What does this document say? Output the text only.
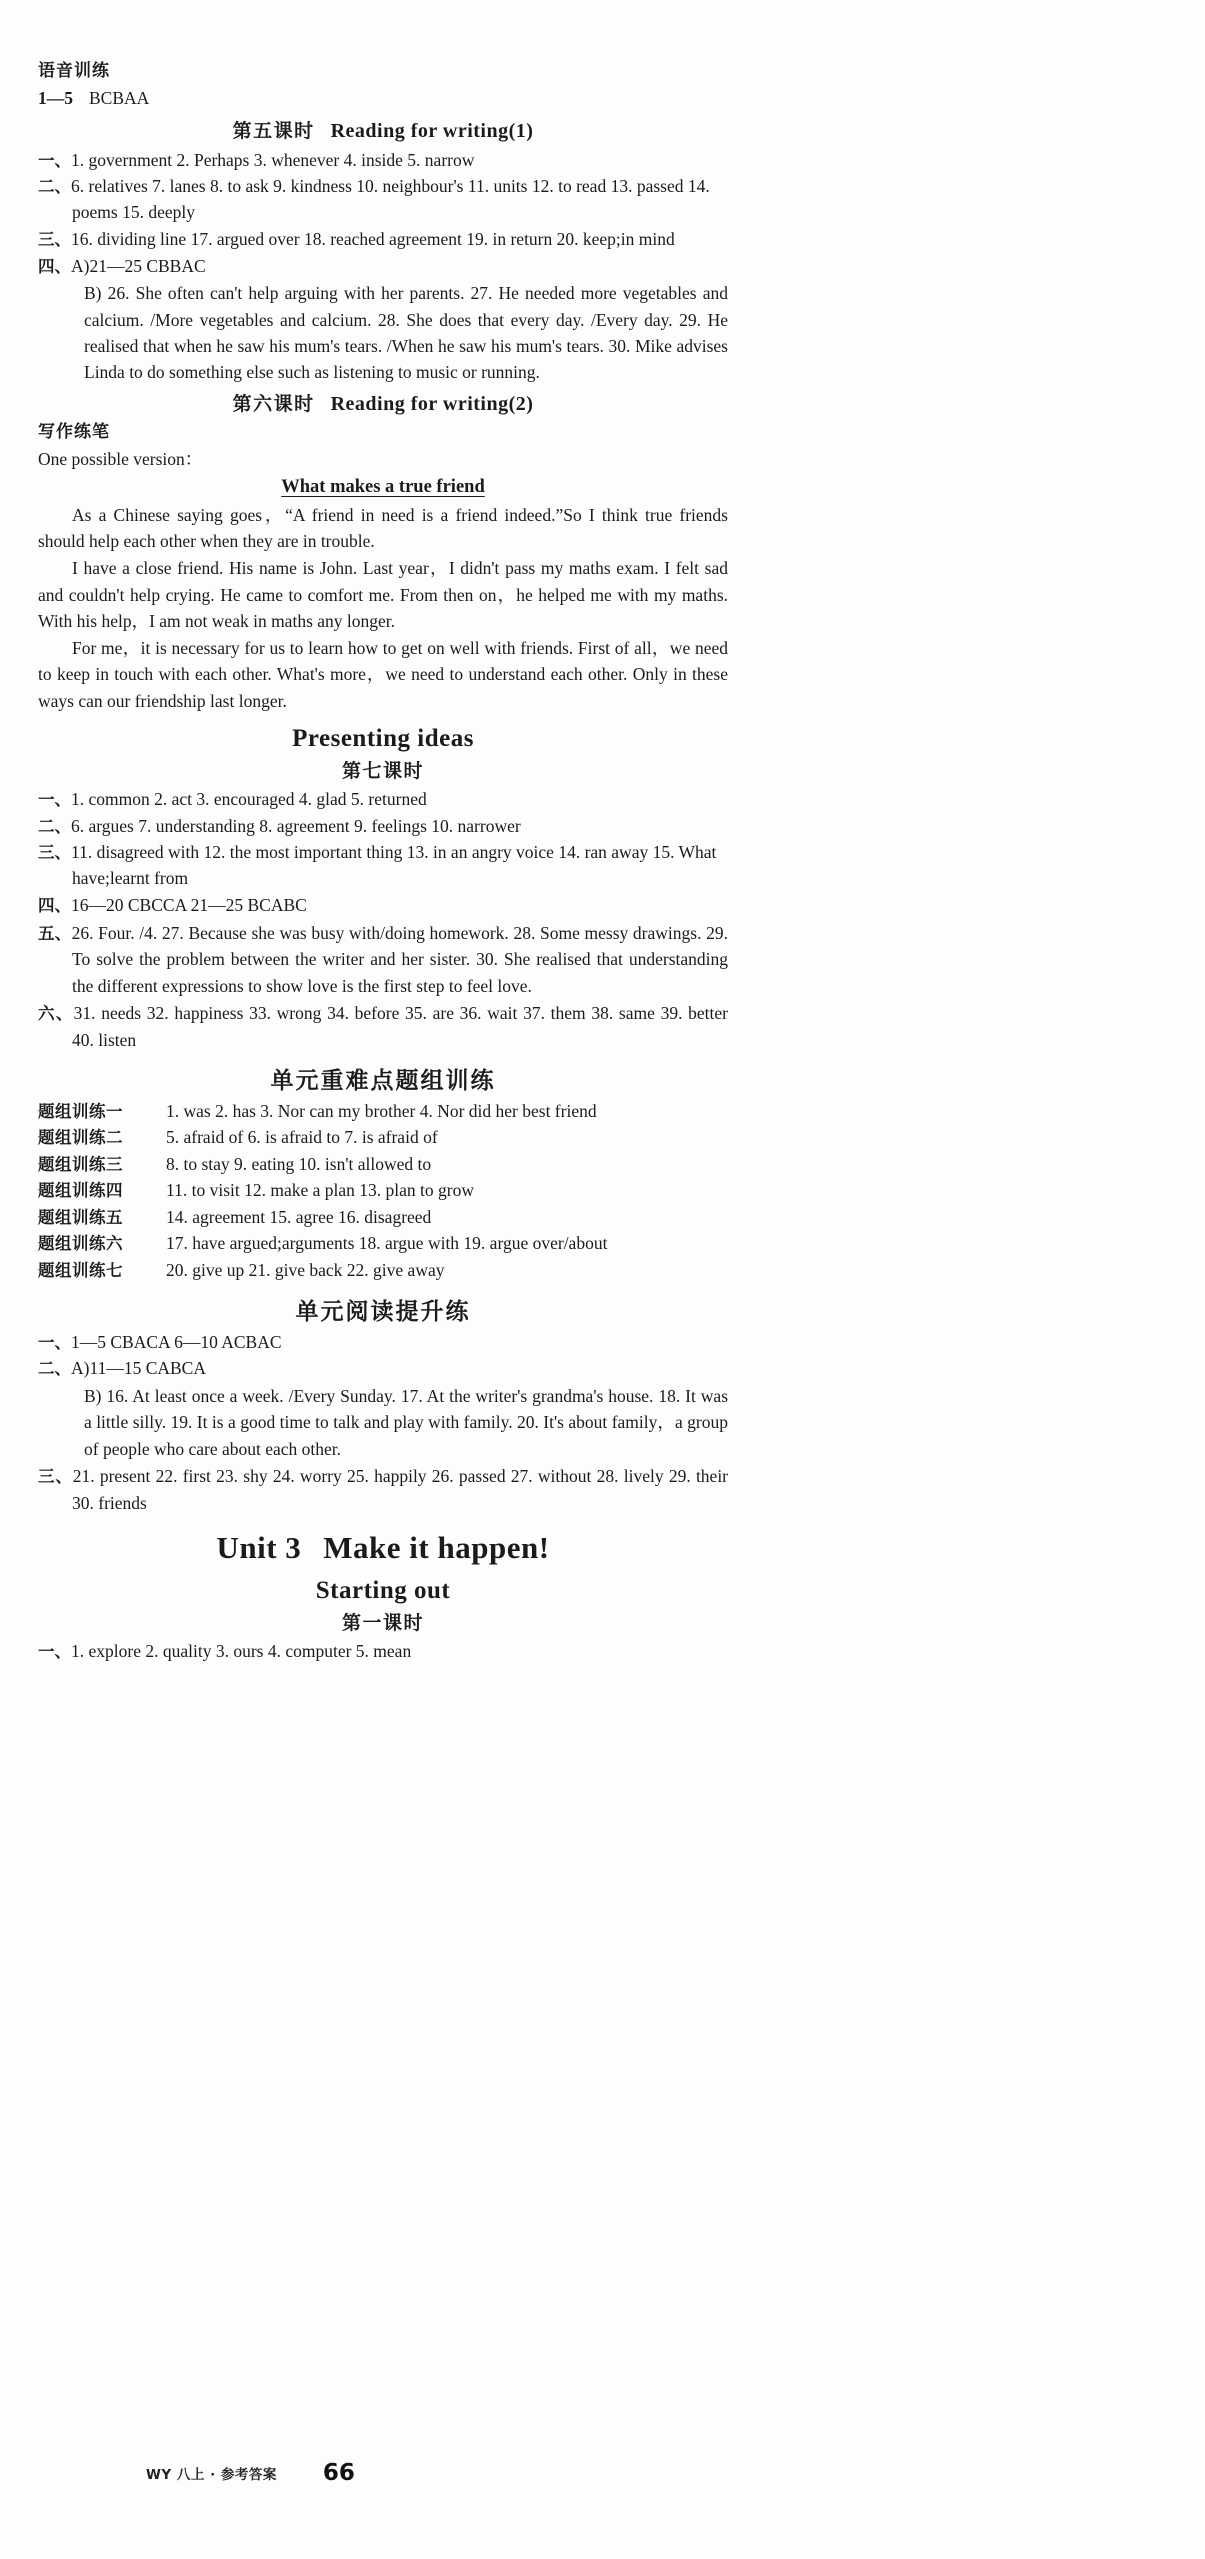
语音训练
1—5 BCBAA
第五课时 Reading for writing(1)
一、1. government 2. Perhaps 3. whenever 4. inside 5. narrow
二、6. relatives 7. lanes 8. to ask 9. kindness 10. neighbour's 11. units 12. to read 13. passed 14. poems 15. deeply
三、16. dividing line 17. argued over 18. reached agreement 19. in return 20. keep;in mind
四、A)21—25 CBBAC
B) 26. She often can't help arguing with her parents. 27. He needed more vegetables and calcium. /More vegetables and calcium. 28. She does that every day. /Every day. 29. He realised that when he saw his mum's tears. /When he saw his mum's tears. 30. Mike advises Linda to do something else such as listening to music or running.
第六课时 Reading for writing(2)
写作练笔
One possible version：
What makes a true friend
As a Chinese saying goes，“A friend in need is a friend indeed.”So I think true friends should help each other when they are in trouble.
I have a close friend. His name is John. Last year，I didn't pass my maths exam. I felt sad and couldn't help crying. He came to comfort me. From then on，he helped me with my maths. With his help，I am not weak in maths any longer.
For me，it is necessary for us to learn how to get on well with friends. First of all，we need to keep in touch with each other. What's more，we need to understand each other. Only in these ways can our friendship last longer.
Presenting ideas
第七课时
一、1. common 2. act 3. encouraged 4. glad 5. returned
二、6. argues 7. understanding 8. agreement 9. feelings 10. narrower
三、11. disagreed with 12. the most important thing 13. in an angry voice 14. ran away 15. What have;learnt from
四、16—20 CBCCA 21—25 BCABC
五、26. Four. /4. 27. Because she was busy with/doing homework. 28. Some messy drawings. 29. To solve the problem between the writer and her sister. 30. She realised that understanding the different expressions to show love is the first step to feel love.
六、31. needs 32. happiness 33. wrong 34. before 35. are 36. wait 37. them 38. same 39. better 40. listen
单元重难点题组训练
题组训练一	1. was 2. has 3. Nor can my brother 4. Nor did her best friend
题组训练二	5. afraid of 6. is afraid to 7. is afraid of
题组训练三	8. to stay 9. eating 10. isn't allowed to
题组训练四	11. to visit 12. make a plan 13. plan to grow
题组训练五	14. agreement 15. agree 16. disagreed
题组训练六	17. have argued;arguments 18. argue with 19. argue over/about
题组训练七	20. give up 21. give back 22. give away
单元阅读提升练
一、1—5 CBACA 6—10 ACBAC
二、A)11—15 CABCA
B) 16. At least once a week. /Every Sunday. 17. At the writer's grandma's house. 18. It was a little silly. 19. It is a good time to talk and play with family. 20. It's about family，a group of people who care about each other.
三、21. present 22. first 23. shy 24. worry 25. happily 26. passed 27. without 28. lively 29. their 30. friends
Unit 3 Make it happen!
Starting out
第一课时
一、1. explore 2. quality 3. ours 4. computer 5. mean
WY 八上 · 参考答案 66
